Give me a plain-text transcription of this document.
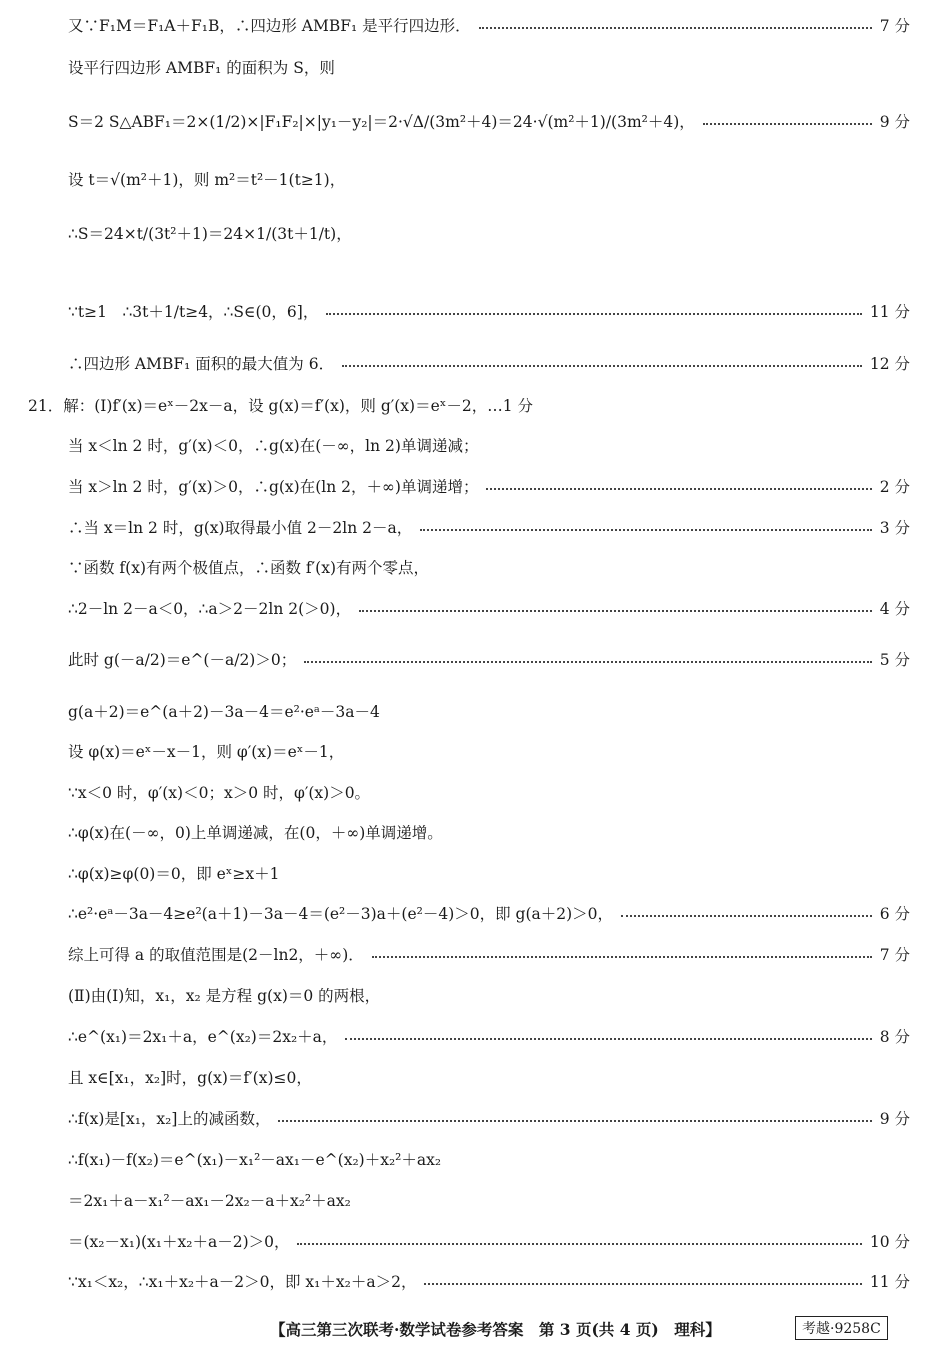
又∵F₁M＝F₁A＋F₁B，∴四边形 AMBF₁ 是平行四边形．	7 分
设平行四边形 AMBF₁ 的面积为 S，则
S＝2 S△ABF₁＝2×(1/2)×|F₁F₂|×|y₁－y₂|＝2·√Δ/(3m²＋4)＝24·√(m²＋1)/(3m²＋4)，	9 分
设 t＝√(m²＋1)，则 m²＝t²－1(t≥1)，
∴S＝24×t/(3t²＋1)＝24×1/(3t＋1/t)，
∵t≥1　∴3t＋1/t≥4，∴S∈(0，6]，	11 分
∴四边形 AMBF₁ 面积的最大值为 6．	12 分
21．解：(Ⅰ)f′(x)＝eˣ－2x－a，设 g(x)＝f′(x)，则 g′(x)＝eˣ－2，…1 分
当 x＜ln 2 时，g′(x)＜0，∴g(x)在(－∞，ln 2)单调递减；
当 x＞ln 2 时，g′(x)＞0，∴g(x)在(ln 2，＋∞)单调递增；	2 分
∴当 x＝ln 2 时，g(x)取得最小值 2－2ln 2－a，	3 分
∵函数 f(x)有两个极值点，∴函数 f′(x)有两个零点，
∴2－ln 2－a＜0，∴a＞2－2ln 2(＞0)，	4 分
此时 g(－a/2)＝e^(－a/2)＞0；	5 分
g(a＋2)＝e^(a＋2)－3a－4＝e²·eᵃ－3a－4
设 φ(x)＝eˣ－x－1，则 φ′(x)＝eˣ－1，
∵x＜0 时，φ′(x)＜0；x＞0 时，φ′(x)＞0。
∴φ(x)在(－∞，0)上单调递减，在(0，＋∞)单调递增。
∴φ(x)≥φ(0)＝0，即 eˣ≥x＋1
∴e²·eᵃ－3a－4≥e²(a＋1)－3a－4＝(e²－3)a＋(e²－4)＞0，即 g(a＋2)＞0，	6 分
综上可得 a 的取值范围是(2－ln2，＋∞)．	7 分
(Ⅱ)由(Ⅰ)知，x₁，x₂ 是方程 g(x)＝0 的两根，
∴e^(x₁)＝2x₁＋a，e^(x₂)＝2x₂＋a，	8 分
且 x∈[x₁，x₂]时，g(x)＝f′(x)≤0，
∴f(x)是[x₁，x₂]上的减函数，	9 分
∴f(x₁)－f(x₂)＝e^(x₁)－x₁²－ax₁－e^(x₂)＋x₂²＋ax₂
＝2x₁＋a－x₁²－ax₁－2x₂－a＋x₂²＋ax₂
＝(x₂－x₁)(x₁＋x₂＋a－2)＞0，	10 分
∵x₁＜x₂，∴x₁＋x₂＋a－2＞0，即 x₁＋x₂＋a＞2，	11 分
【高三第三次联考·数学试卷参考答案　第 3 页(共 4 页)　理科】	考越·9258C
